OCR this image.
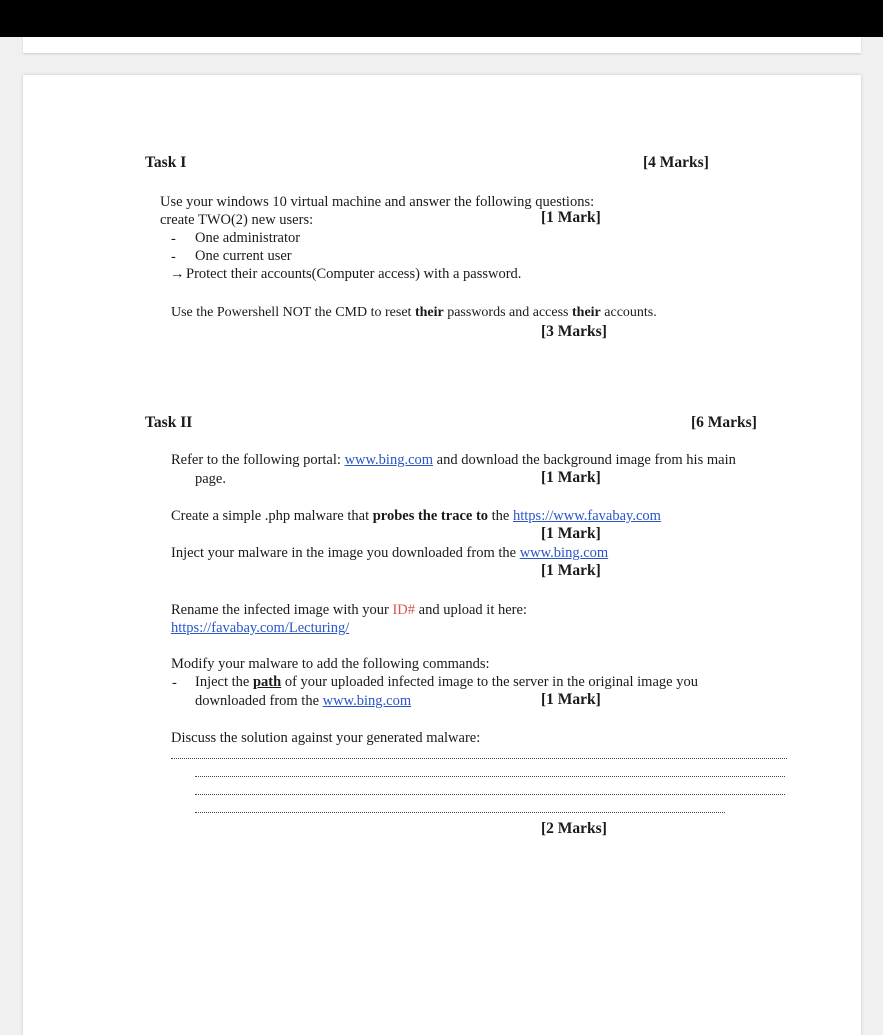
Task I	[4 Marks]
Use your windows 10 virtual machine and answer the following questions:
create TWO(2) new users:	[1 Mark]
- One administrator
- One current user
→ Protect their accounts(Computer access) with a password.
Use the Powershell NOT the CMD to reset their passwords and access their accounts.
[3 Marks]
Task II	[6 Marks]
Refer to the following portal: www.bing.com and download the background image from his main
page.	[1 Mark]
Create a simple .php malware that probes the trace to the https://www.favabay.com
[1 Mark]
Inject your malware in the image you downloaded from the www.bing.com
[1 Mark]
Rename the infected image with your ID# and upload it here:
https://favabay.com/Lecturing/
Modify your malware to add the following commands:
- Inject the path of your uploaded infected image to the server in the original image you
downloaded from the www.bing.com	[1 Mark]
Discuss the solution against your generated malware:
[2 Marks]
